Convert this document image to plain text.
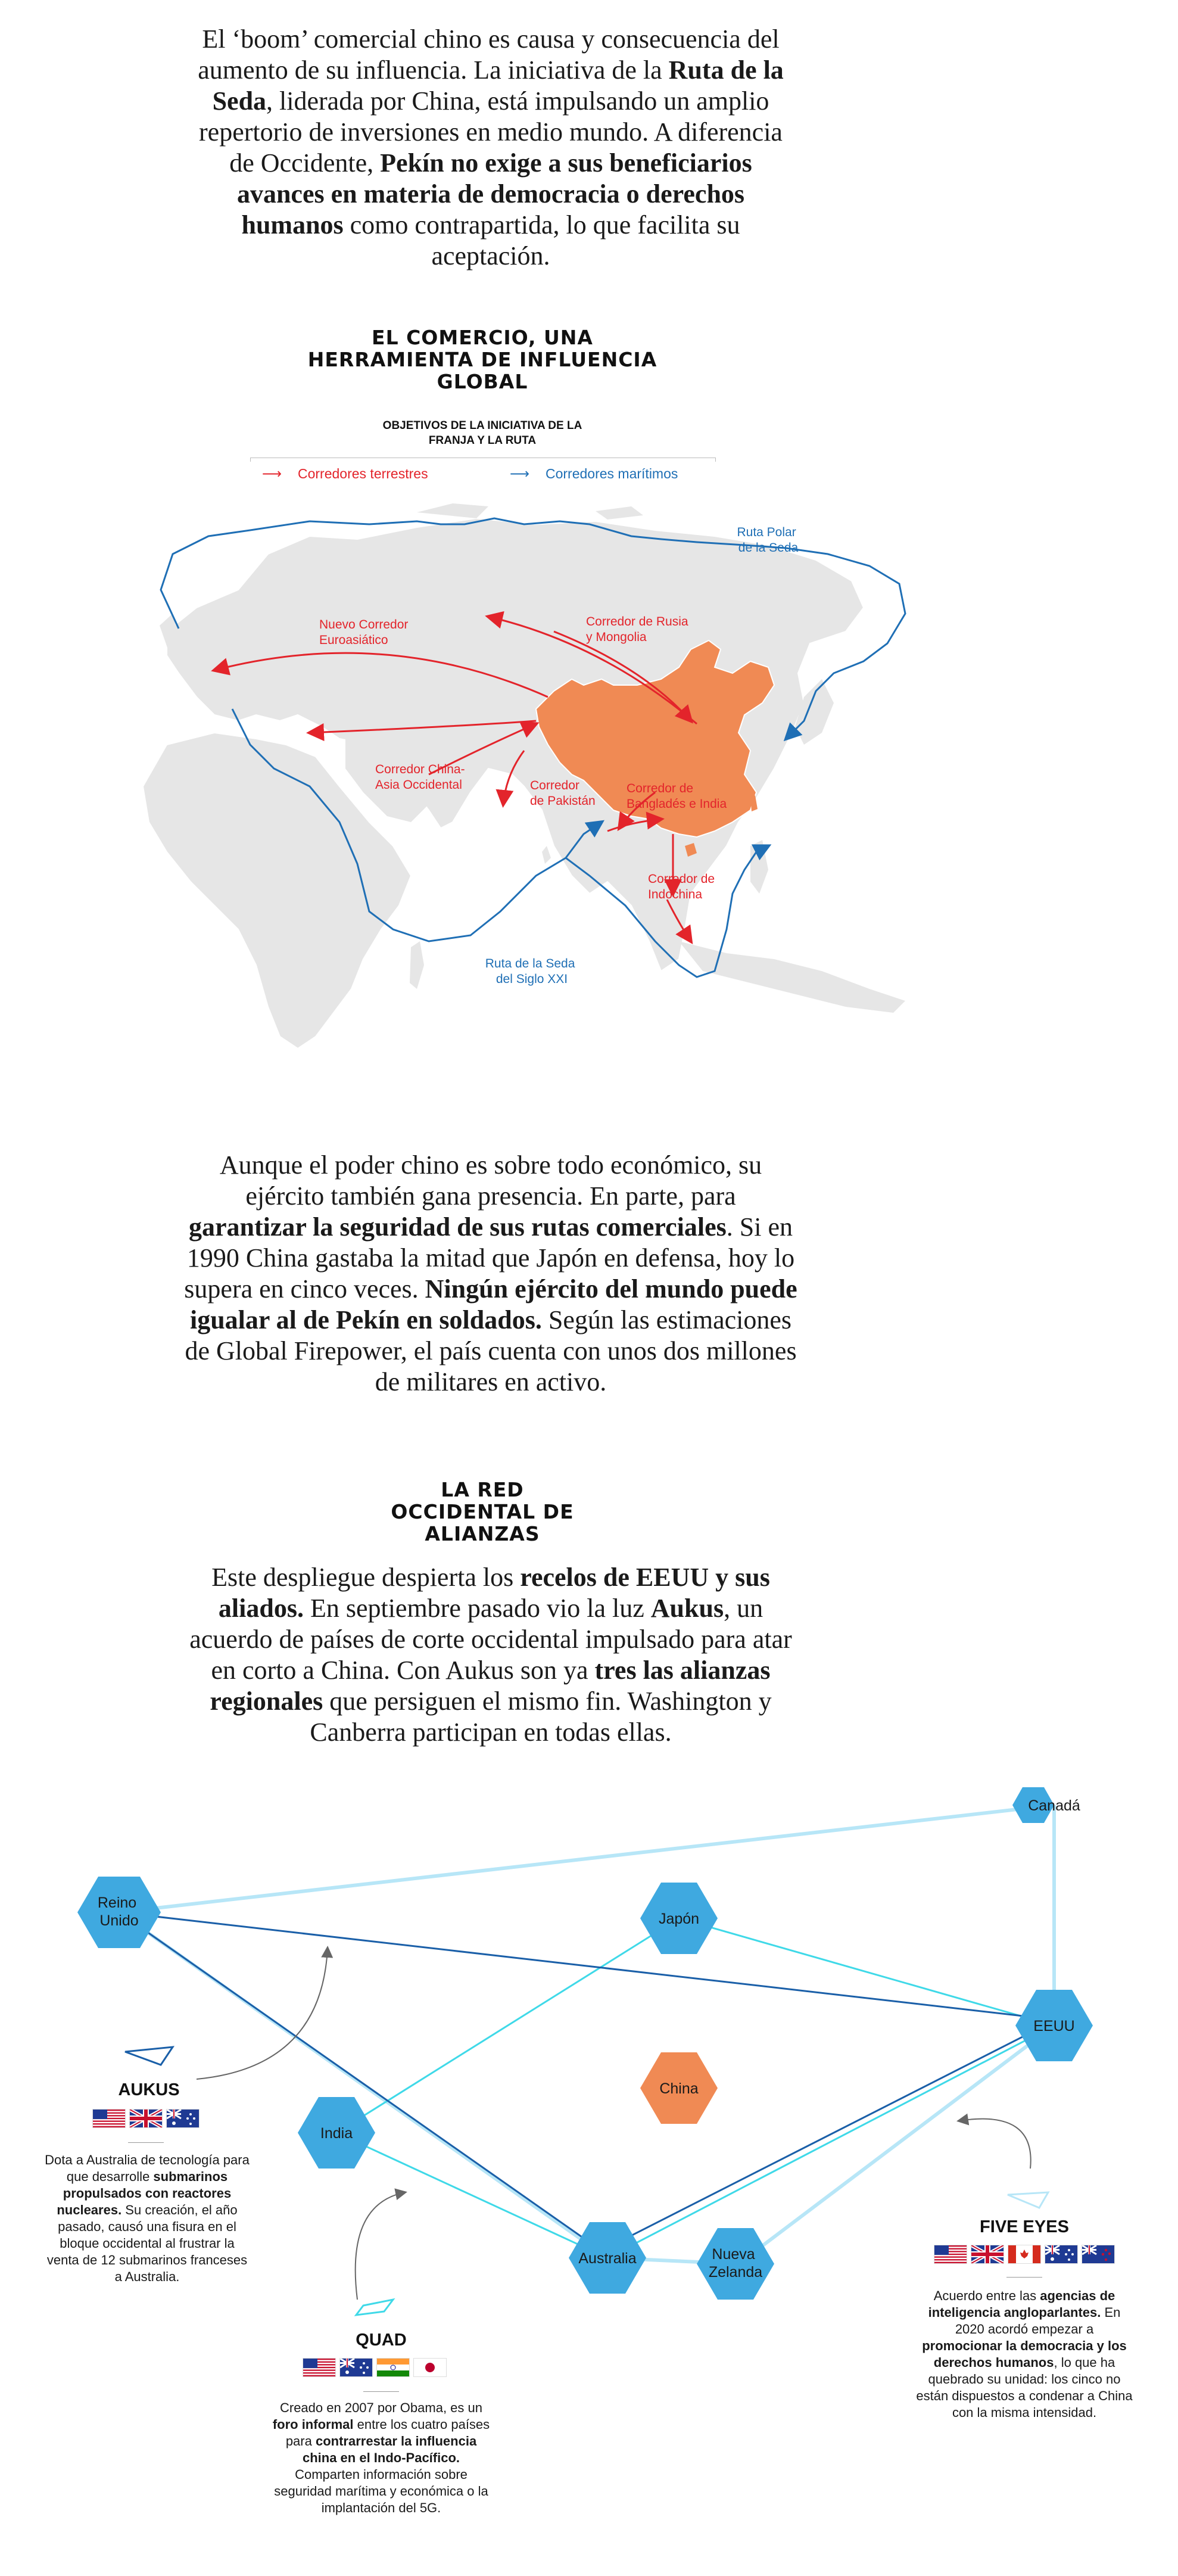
El ‘boom’ comercial chino es causa y consecuencia del aumento de su influencia. La iniciativa de la Ruta de la Seda, liderada por China, está impulsando un amplio repertorio de inversiones en medio mundo. A diferencia de Occidente, Pekín no exige a sus beneficiarios avances en materia de democracia o derechos humanos como contrapartida, lo que facilita su aceptación.
EL COMERCIO, UNA
HERRAMIENTA DE INFLUENCIA
GLOBAL
OBJETIVOS DE LA INICIATIVA DE LA
FRANJA Y LA RUTA
⟶ Corredores terrestres	⟶ Corredores marítimos
Aunque el poder chino es sobre todo económico, su ejército también gana presencia. En parte, para garantizar la seguridad de sus rutas comerciales. Si en 1990 China gastaba la mitad que Japón en defensa, hoy lo supera en cinco veces. Ningún ejército del mundo puede igualar al de Pekín en soldados. Según las estimaciones de Global Firepower, el país cuenta con unos dos millones de militares en activo.
LA RED
OCCIDENTAL DE
ALIANZAS
Este despliegue despierta los recelos de EEUU y sus aliados. En septiembre pasado vio la luz Aukus, un acuerdo de países de corte occidental impulsado para atar en corto a China. Con Aukus son ya tres las alianzas regionales que persiguen el mismo fin. Washington y Canberra participan en todas ellas.
Ruta Polar de la Seda
Nuevo Corredor Euroasiático
Corredor de Rusia y Mongolia
Corredor China- Asia Occidental	Corredor de Pakistán
Corredor de Bangladés e India
Corredor de Indochina
Ruta de la Seda del Siglo XXI
Canadá
Reino Unido	Japón
EEUU
China
India
Australia	Nueva Zelanda
AUKUS
Dota a Australia de tecnología para que desarrolle submarinos propulsados con reactores nucleares. Su creación, el año pasado, causó una fisura en el bloque occidental al frustrar la venta de 12 submarinos franceses a Australia.
QUAD
Creado en 2007 por Obama, es un foro informal entre los cuatro países para contrarrestar la influencia china en el Indo-Pacífico. Comparten información sobre seguridad marítima y económica o la implantación del 5G.
FIVE EYES
Acuerdo entre las agencias de inteligencia angloparlantes. En 2020 acordó empezar a promocionar la democracia y los derechos humanos, lo que ha quebrado su unidad: los cinco no están dispuestos a condenar a China con la misma intensidad.
